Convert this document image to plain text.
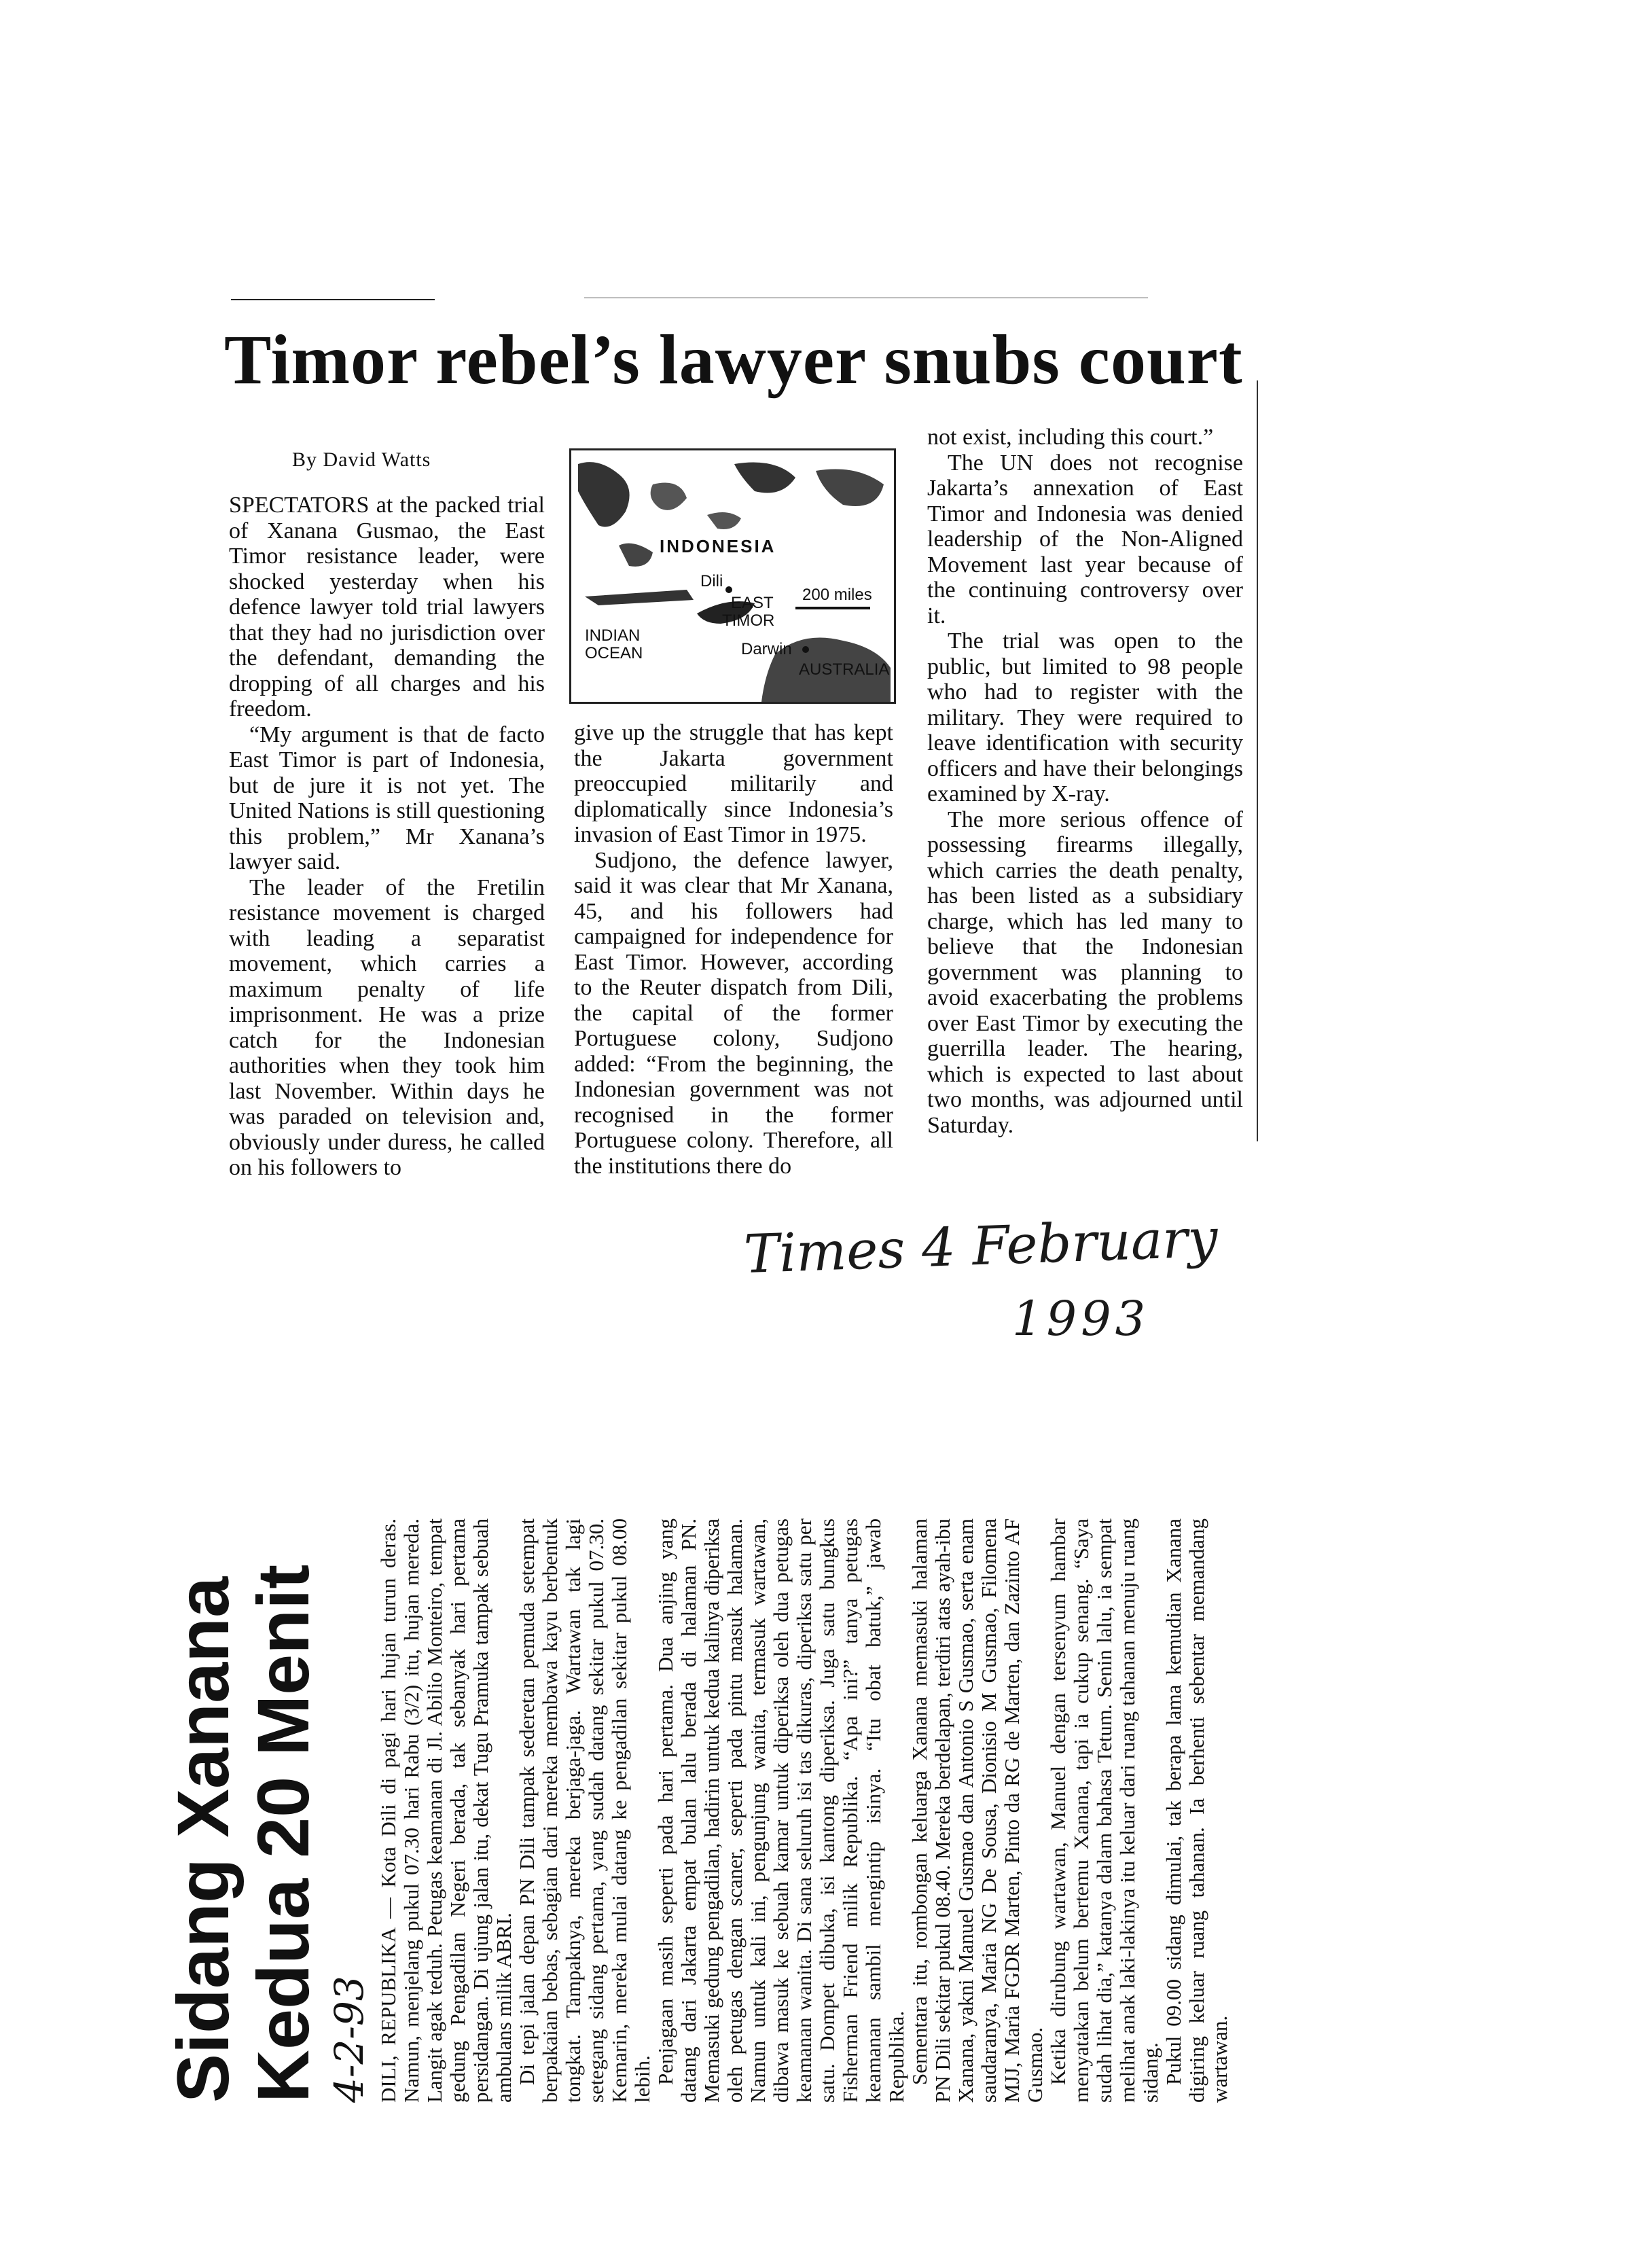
Timor rebel’s lawyer snubs court
By David Watts

SPECTATORS at the packed trial of Xanana Gusmao, the East Timor resistance leader, were shocked yesterday when his defence lawyer told trial lawyers that they had no jurisdiction over the defendant, demanding the dropping of all charges and his freedom.

“My argument is that de facto East Timor is part of Indonesia, but de jure it is not yet. The United Nations is still questioning this problem,” Mr Xanana’s lawyer said.

The leader of the Fretilin resistance movement is charged with leading a separatist movement, which carries a maximum penalty of life imprisonment. He was a prize catch for the Indonesian authorities when they took him last November. Within days he was paraded on television and, obviously under duress, he called on his followers to

INDONESIA
Dili
EAST
TIMOR
200 miles
INDIAN
OCEAN	Darwin
AUSTRALIA

give up the struggle that has kept the Jakarta government preoccupied militarily and diplomatically since Indonesia’s invasion of East Timor in 1975.

Sudjono, the defence lawyer, said it was clear that Mr Xanana, 45, and his followers had campaigned for independence for East Timor. However, according to the Reuter dispatch from Dili, the capital of the former Portuguese colony, Sudjono added: “From the beginning, the Indonesian government was not recognised in the former Portuguese colony. Therefore, all the institutions there do

not exist, including this court.”

The UN does not recognise Jakarta’s annexation of East Timor and Indonesia was denied leadership of the Non-Aligned Movement last year because of the continuing controversy over it.

The trial was open to the public, but limited to 98 people who had to register with the military. They were required to leave identification with security officers and have their belongings examined by X-ray.

The more serious offence of possessing firearms illegally, which carries the death penalty, has been listed as a subsidiary charge, which has led many to believe that the Indonesian government was planning to avoid exacerbating the problems over East Timor by executing the guerrilla leader. The hearing, which is expected to last about two months, was adjourned until Saturday.

Times 4 February
1993
Sidang Xanana
Kedua 20 Menit 4-2-93 DILI, REPUBLIKA — Kota Dili di pagi hari hujan turun deras. Namun, menjelang pukul 07.30 hari Rabu (3/2) itu, hujan mereda. Langit agak teduh. Petugas keamanan di Jl. Abilio Monteiro, tempat gedung Pengadilan Negeri berada, tak sebanyak hari pertama persidangan. Di ujung jalan itu, dekat Tugu Pramuka tampak sebuah ambulans milik ABRI. Di tepi jalan depan PN Dili tampak sederetan pemuda setempat berpakaian bebas, sebagian dari mereka membawa kayu berbentuk tongkat. Tampaknya, mereka berjaga-jaga. Wartawan tak lagi setegang sidang pertama, yang sudah datang sekitar pukul 07.30. Kemarin, mereka mulai datang ke pengadilan sekitar pukul 08.00 lebih. Penjagaan masih seperti pada hari pertama. Dua anjing yang datang dari Jakarta empat bulan lalu berada di halaman PN. Memasuki gedung pengadilan, hadirin untuk kedua kalinya diperiksa oleh petugas dengan scaner, seperti pada pintu masuk halaman. Namun untuk kali ini, pengunjung wanita, termasuk wartawan, dibawa masuk ke sebuah kamar untuk diperiksa oleh dua petugas keamanan wanita. Di sana seluruh isi tas dikuras, diperiksa satu per satu. Dompet dibuka, isi kantong diperiksa. Juga satu bungkus Fisherman Friend milik Republika. “Apa ini?” tanya petugas keamanan sambil mengintip isinya. “Itu obat batuk,” jawab Republika. Sementara itu, rombongan keluarga Xanana memasuki halaman PN Dili sekitar pukul 08.40. Mereka berdelapan, terdiri atas ayah-ibu Xanana, yakni Manuel Gusmao dan Antonio S Gusmao, serta enam saudaranya, Maria NG De Sousa, Dionisio M Gusmao, Filomena MJJ, Maria FGDR Marten, Pinto da RG de Marten, dan Zazinto AF Gusmao. Ketika dirubung wartawan, Manuel dengan tersenyum hambar menyatakan belum bertemu Xanana, tapi ia cukup senang. “Saya sudah lihat dia,” katanya dalam bahasa Tetum. Senin lalu, ia sempat melihat anak laki-lakinya itu keluar dari ruang tahanan menuju ruang sidang. Pukul 09.00 sidang dimulai, tak berapa lama kemudian Xanana digiring keluar ruang tahanan. Ia berhenti sebentar memandang wartawan.
